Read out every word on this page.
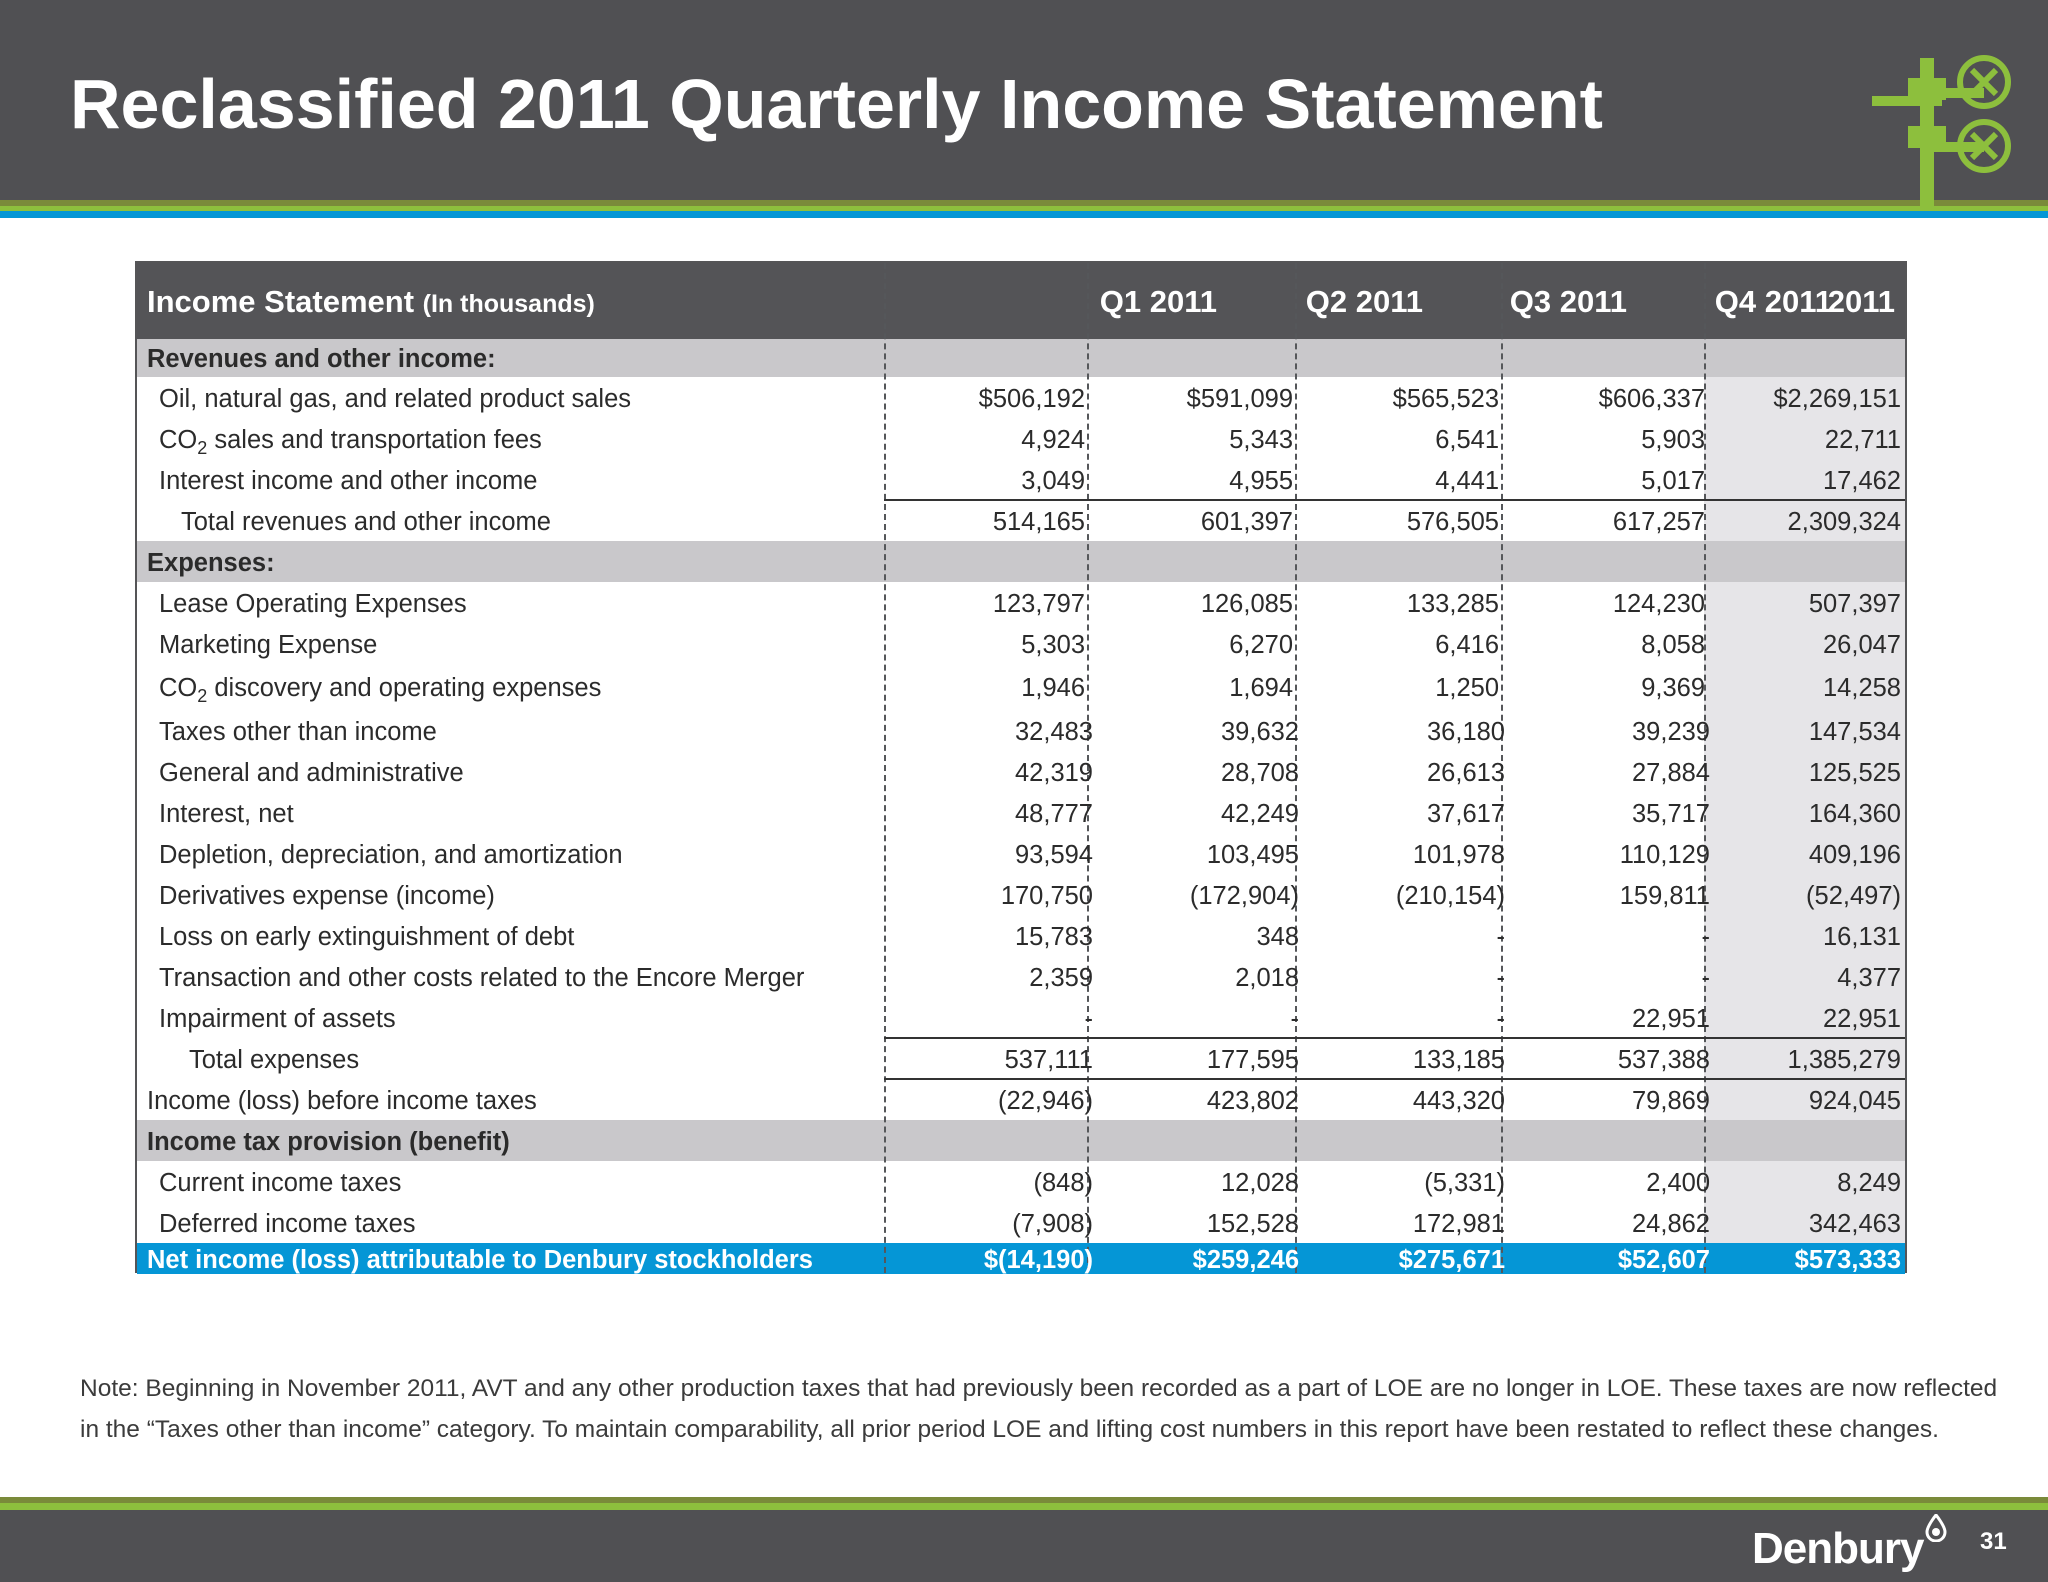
Reclassified 2011 Quarterly Income Statement
Income Statement (In thousands)	Q1 2011	Q2 2011	Q3 2011	Q4 2011
2011
Revenues and other income:
Oil, natural gas, and related product sales	$506,192	$591,099	$565,523	$606,337	$2,269,151
$CO_2$ sales and transportation fees	4,924	5,343	6,541	5,903	22,711
Interest income and other income	3,049	4,955	4,441	5,017	17,462
Total revenues and other income	514,165	601,397	576,505	617,257	2,309,324
Expenses:
Lease Operating Expenses	123,797	126,085	133,285	124,230	507,397
Marketing Expense	5,303	6,270	6,416	8,058	26,047
$CO_2$ discovery and operating expenses	1,946	1,694	1,250	9,369	14,258
Taxes other than income	32,483	39,632	36,180	39,239	147,534
General and administrative	42,319	28,708	26,613	27,884	125,525
Interest, net	48,777	42,249	37,617	35,717	164,360
Depletion, depreciation, and amortization	93,594	103,495	101,978	110,129	409,196
Derivatives expense (income)	170,750	(172,904)	(210,154)	159,811	(52,497)
Loss on early extinguishment of debt	15,783	348	-	-	16,131
Transaction and other costs related to the Encore Merger	2,359	2,018	-	-	4,377
Impairment of assets	-	-	-	22,951	22,951
Total expenses	537,111	177,595	133,185	537,388	1,385,279
Income (loss) before income taxes	(22,946)	423,802	443,320	79,869	924,045
Income tax provision (benefit)
Current income taxes	(848)	12,028	(5,331)	2,400	8,249
Deferred income taxes	(7,908)	152,528	172,981	24,862	342,463
Net income (loss) attributable to Denbury stockholders	$(14,190)	$259,246	$275,671	$52,607	$573,333
Note: Beginning in November 2011, AVT and any other production taxes that had previously been recorded as a part of LOE are no longer in LOE. These taxes are now reflected in the “Taxes other than income” category. To maintain comparability, all prior period LOE and lifting cost numbers in this report have been restated to reflect these changes.
Denbury 31
